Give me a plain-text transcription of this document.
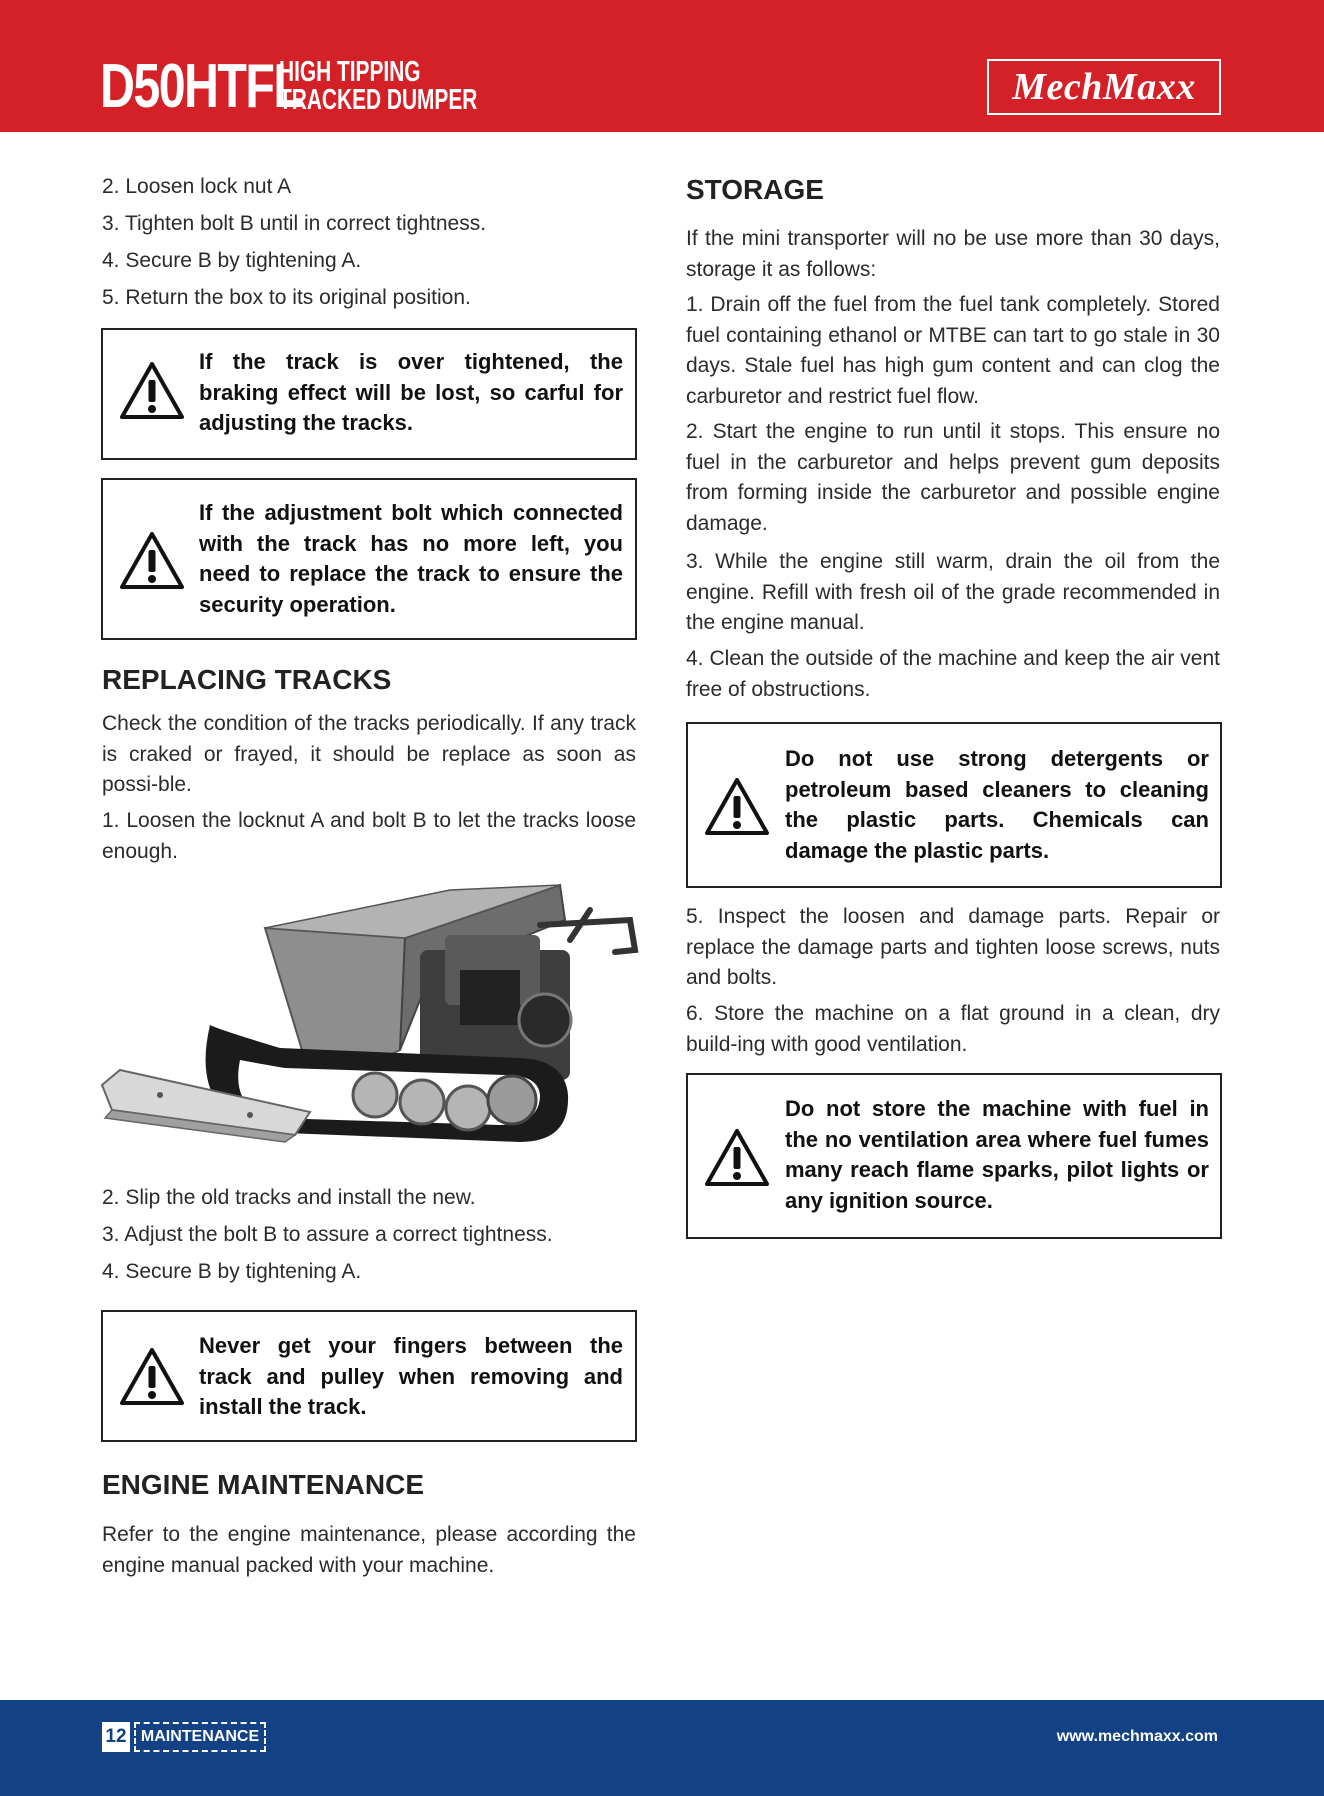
D50HTFL
HIGH TIPPING
TRACKED DUMPER	MechMaxx
2. Loosen lock nut A
3. Tighten bolt B until in correct tightness.
4. Secure B by tightening A.
5. Return the box to its original position.
If the track is over tightened, the braking effect will be lost, so carful for adjusting the tracks.
If the adjustment bolt which connected with the track has no more left, you need to replace the track to ensure the security operation.
REPLACING TRACKS
Check the condition of the tracks periodically. If any track is craked or frayed, it should be replace as soon as possi-ble.
1. Loosen the locknut A and bolt B to let the tracks loose enough.
2. Slip the old tracks and install the new.
3. Adjust the bolt B to assure a correct tightness.
4. Secure B by tightening A.
Never get your fingers between the track and pulley when removing and install the track.
ENGINE MAINTENANCE
Refer to the engine maintenance, please according the engine manual packed with your machine.
STORAGE
If the mini transporter will no be use more than 30 days, storage it as follows:
1. Drain off the fuel from the fuel tank completely. Stored fuel containing ethanol or MTBE can tart to go stale in 30 days. Stale fuel has high gum content and can clog the carburetor and restrict fuel flow.
2. Start the engine to run until it stops. This ensure no fuel in the carburetor and helps prevent gum deposits from forming inside the carburetor and possible engine damage.
3. While the engine still warm, drain the oil from the engine. Refill with fresh oil of the grade recommended in the engine manual.
4. Clean the outside of the machine and keep the air vent free of obstructions.
Do not use strong detergents or petroleum based cleaners to cleaning the plastic parts. Chemicals can damage the plastic parts.
5. Inspect the loosen and damage parts. Repair or replace the damage parts and tighten loose screws, nuts and bolts.
6. Store the machine on a flat ground in a clean, dry build-ing with good ventilation.
Do not store the machine with fuel in the no ventilation area where fuel fumes many reach flame sparks, pilot lights or any ignition source.
12 MAINTENANCE	www.mechmaxx.com
